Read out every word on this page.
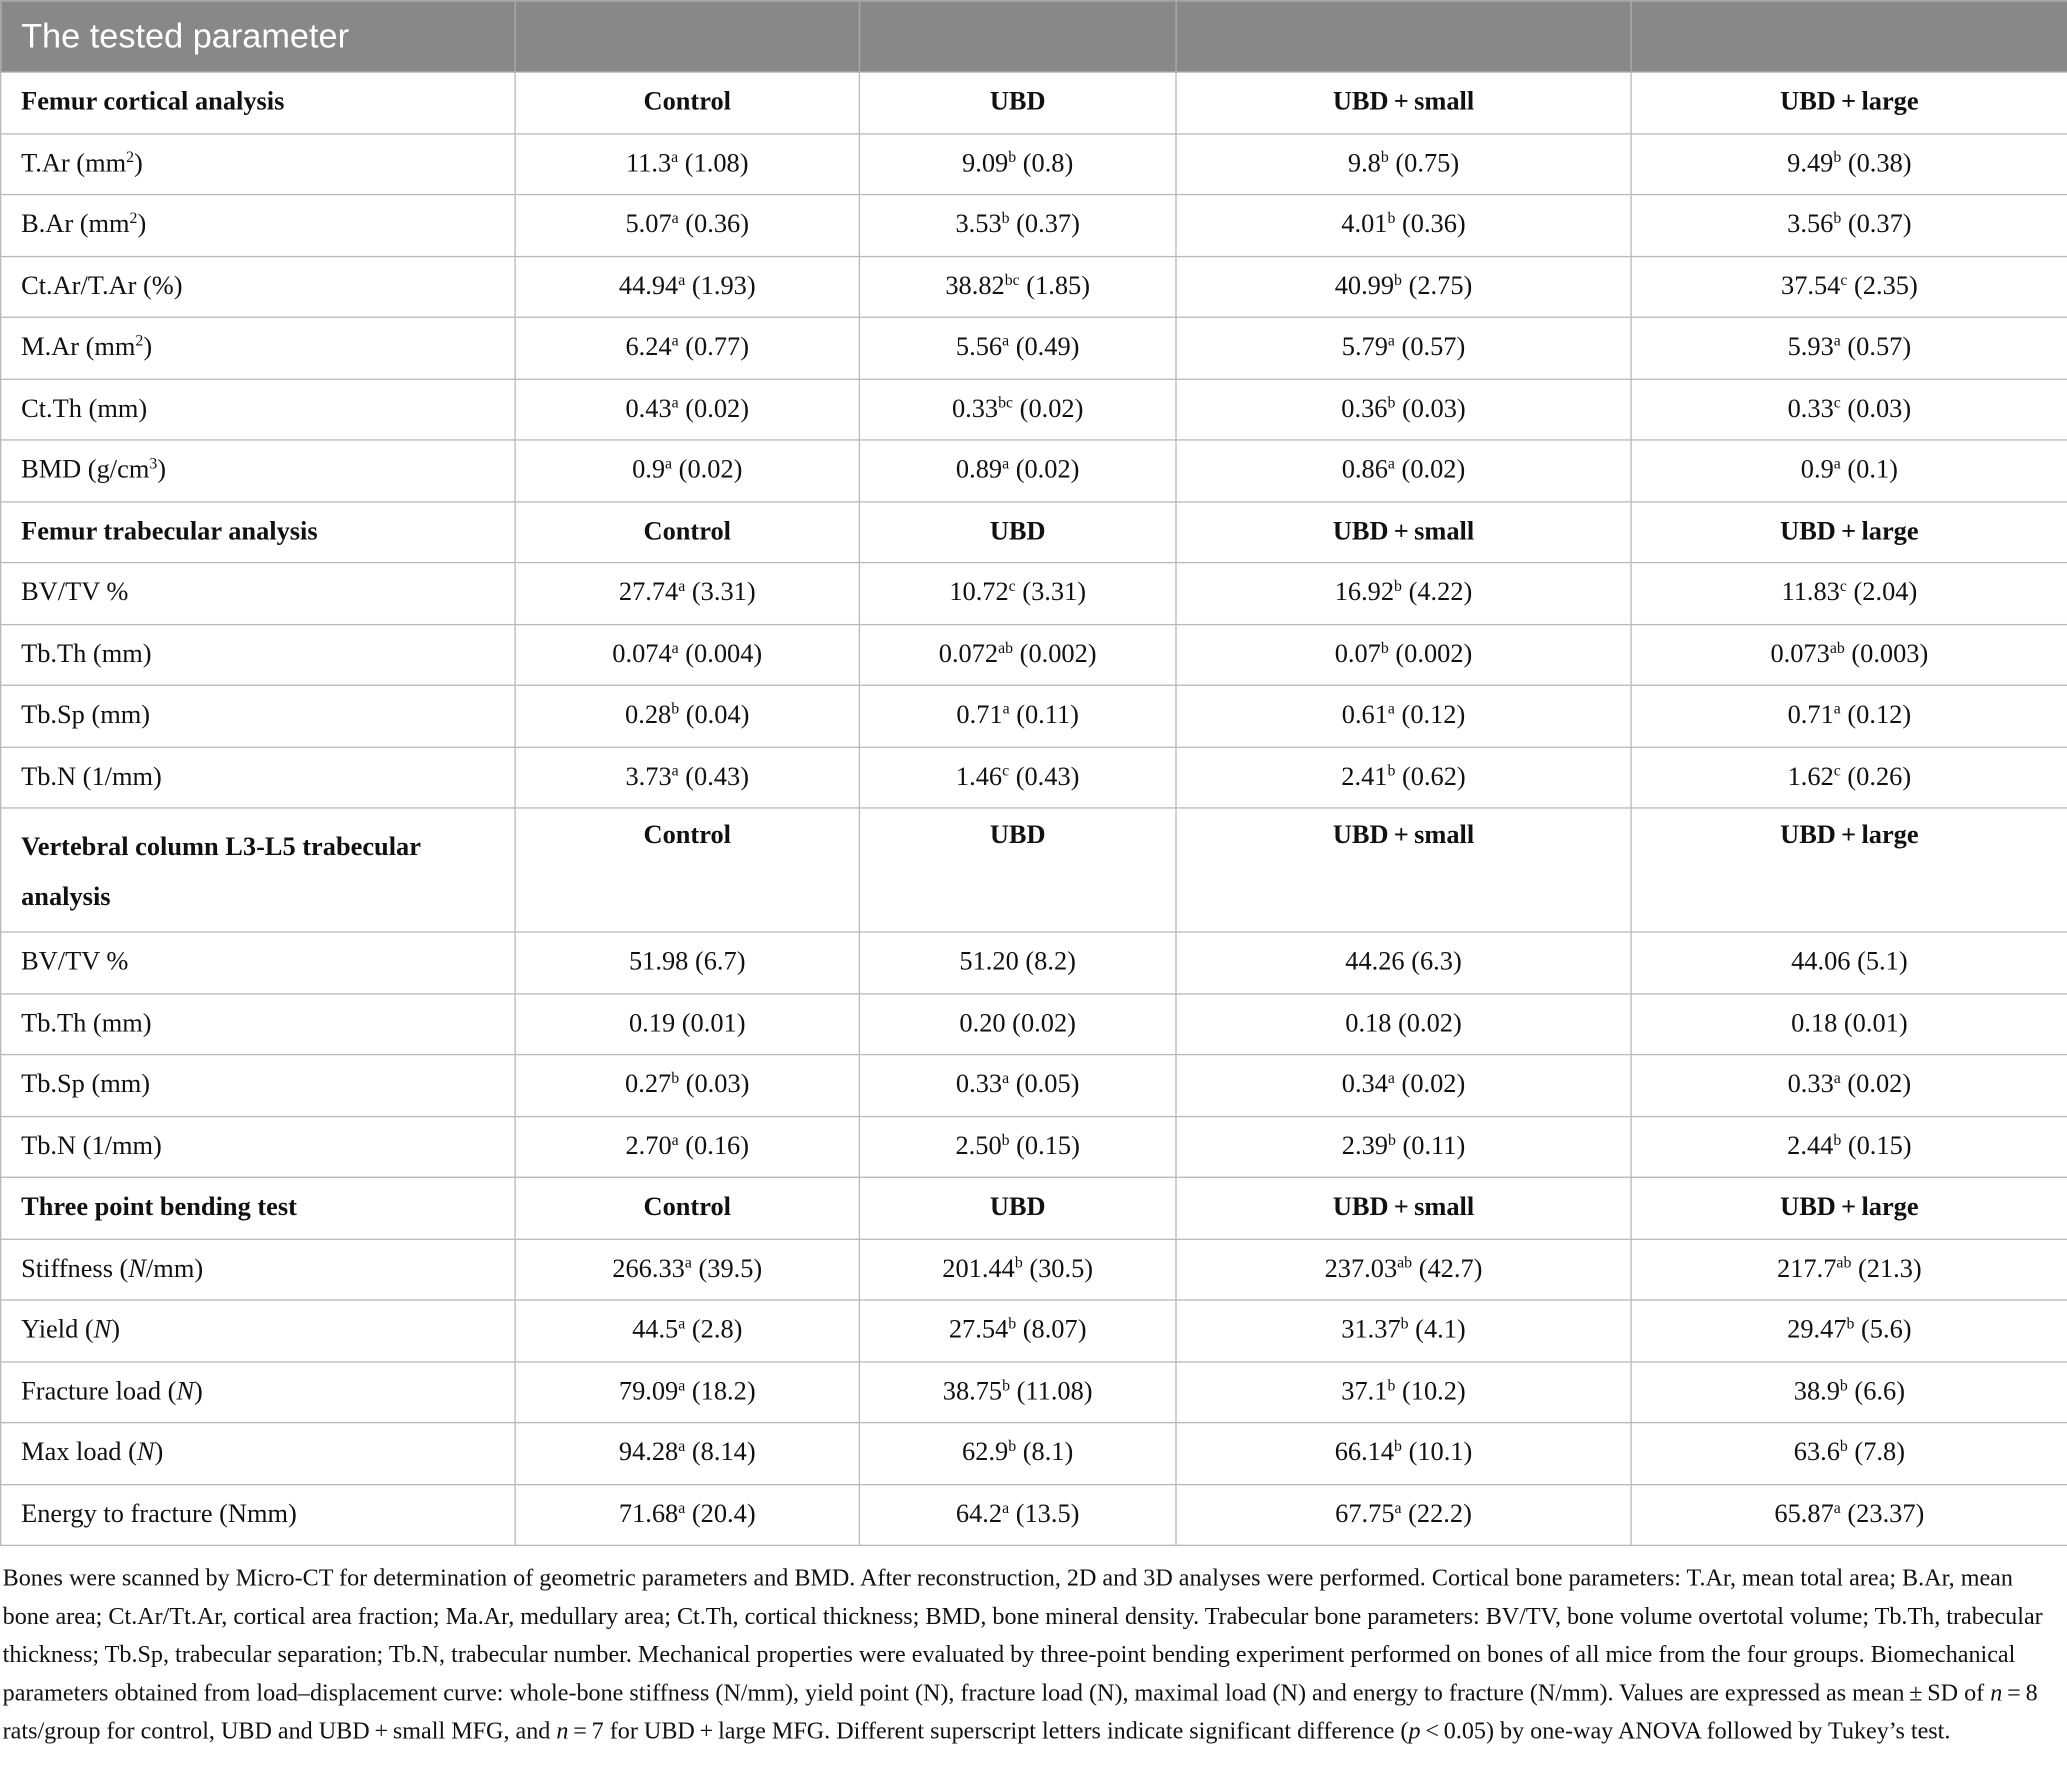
The tested parameter				
Femur cortical analysis	Control	UBD	UBD + small	UBD + large
T.Ar $(mm^2)$	11.3$^a$ (1.08)	9.09$^b$ (0.8)	9.8$^b$ (0.75)	9.49$^b$ (0.38)
B.Ar $(mm^2)$	5.07$^a$ (0.36)	3.53$^b$ (0.37)	4.01$^b$ (0.36)	3.56$^b$ (0.37)
Ct.Ar/T.Ar (%)	44.94$^a$ (1.93)	38.82$^{bc}$ (1.85)	40.99$^b$ (2.75)	37.54$^c$ (2.35)
M.Ar $(mm^2)$	6.24$^a$ (0.77)	5.56$^a$ (0.49)	5.79$^a$ (0.57)	5.93$^a$ (0.57)
Ct.Th (mm)	0.43$^a$ (0.02)	0.33$^{bc}$ (0.02)	0.36$^b$ (0.03)	0.33$^c$ (0.03)
BMD $(g/cm^3)$	0.9$^a$ (0.02)	0.89$^a$ (0.02)	0.86$^a$ (0.02)	0.9$^a$ (0.1)
Femur trabecular analysis	Control	UBD	UBD + small	UBD + large
BV/TV %	27.74$^a$ (3.31)	10.72$^c$ (3.31)	16.92$^b$ (4.22)	11.83$^c$ (2.04)
Tb.Th (mm)	0.074$^a$ (0.004)	0.072$^{ab}$ (0.002)	0.07$^b$ (0.002)	0.073$^{ab}$ (0.003)
Tb.Sp (mm)	0.28$^b$ (0.04)	0.71$^a$ (0.11)	0.61$^a$ (0.12)	0.71$^a$ (0.12)
Tb.N (1/mm)	3.73$^a$ (0.43)	1.46$^c$ (0.43)	2.41$^b$ (0.62)	1.62$^c$ (0.26)
Vertebral column L3-L5 trabecular analysis	Control	UBD	UBD + small	UBD + large
BV/TV %	51.98 (6.7)	51.20 (8.2)	44.26 (6.3)	44.06 (5.1)
Tb.Th (mm)	0.19 (0.01)	0.20 (0.02)	0.18 (0.02)	0.18 (0.01)
Tb.Sp (mm)	0.27$^b$ (0.03)	0.33$^a$ (0.05)	0.34$^a$ (0.02)	0.33$^a$ (0.02)
Tb.N (1/mm)	2.70$^a$ (0.16)	2.50$^b$ (0.15)	2.39$^b$ (0.11)	2.44$^b$ (0.15)
Three point bending test	Control	UBD	UBD + small	UBD + large
Stiffness (N/mm)	266.33$^a$ (39.5)	201.44$^b$ (30.5)	237.03$^{ab}$ (42.7)	217.7$^{ab}$ (21.3)
Yield (N)	44.5$^a$ (2.8)	27.54$^b$ (8.07)	31.37$^b$ (4.1)	29.47$^b$ (5.6)
Fracture load (N)	79.09$^a$ (18.2)	38.75$^b$ (11.08)	37.1$^b$ (10.2)	38.9$^b$ (6.6)
Max load (N)	94.28$^a$ (8.14)	62.9$^b$ (8.1)	66.14$^b$ (10.1)	63.6$^b$ (7.8)
Energy to fracture (Nmm)	71.68$^a$ (20.4)	64.2$^a$ (13.5)	67.75$^a$ (22.2)	65.87$^a$ (23.37)

Bones were scanned by Micro-CT for determination of geometric parameters and BMD. After reconstruction, 2D and 3D analyses were performed. Cortical bone parameters: T.Ar, mean total area; B.Ar, mean bone area; Ct.Ar/Tt.Ar, cortical area fraction; Ma.Ar, medullary area; Ct.Th, cortical thickness; BMD, bone mineral density. Trabecular bone parameters: BV/TV, bone volume overtotal volume; Tb.Th, trabecular thickness; Tb.Sp, trabecular separation; Tb.N, trabecular number. Mechanical properties were evaluated by three-point bending experiment performed on bones of all mice from the four groups. Biomechanical parameters obtained from load–displacement curve: whole-bone stiffness (N/mm), yield point (N), fracture load (N), maximal load (N) and energy to fracture (N/mm). Values are expressed as mean ± SD of n = 8 rats/group for control, UBD and UBD + small MFG, and n = 7 for UBD + large MFG. Different superscript letters indicate significant difference (p < 0.05) by one-way ANOVA followed by Tukey’s test.
